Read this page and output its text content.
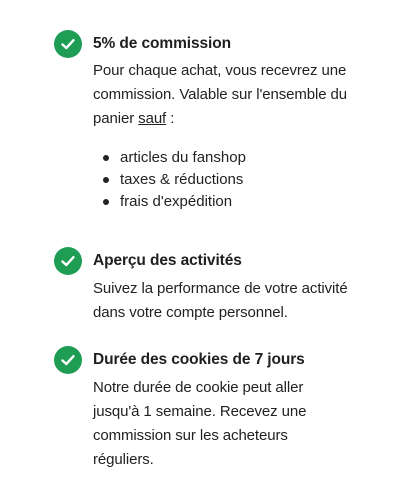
5% de commission
Pour chaque achat, vous recevrez une commission. Valable sur l'ensemble du panier sauf :
articles du fanshop
taxes & réductions
frais d'expédition
Aperçu des activités
Suivez la performance de votre activité dans votre compte personnel.
Durée des cookies de 7 jours
Notre durée de cookie peut aller jusqu'à 1 semaine. Recevez une commission sur les acheteurs réguliers.
